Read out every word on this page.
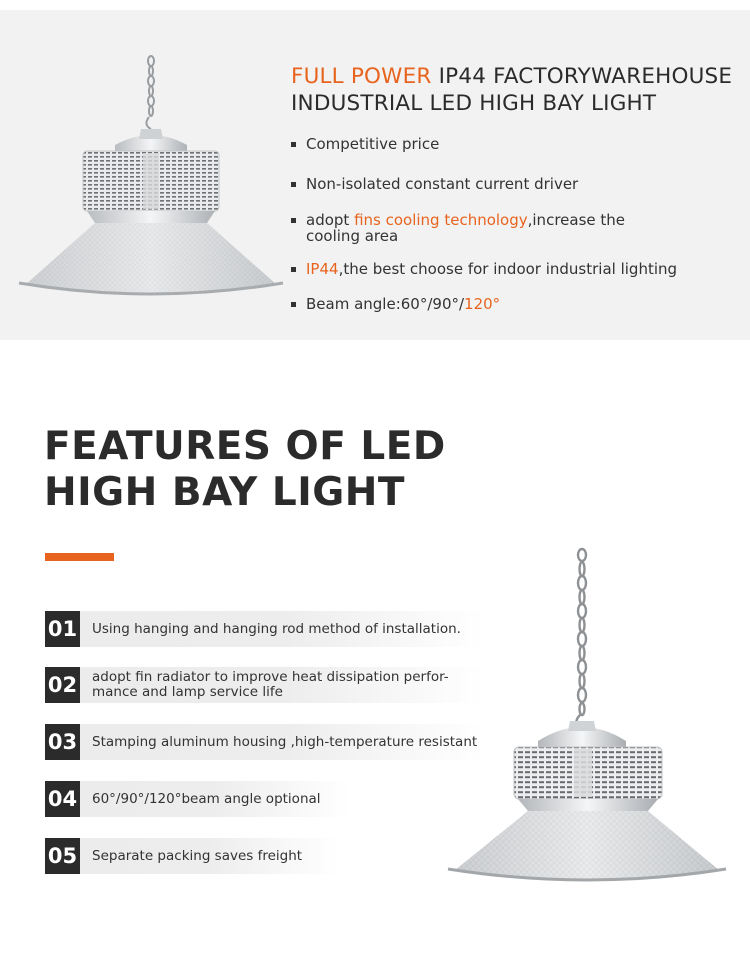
FULL POWER IP44 FACTORYWAREHOUSE
INDUSTRIAL LED HIGH BAY LIGHT
Competitive price
Non-isolated constant current driver
adopt fins cooling technology,increase the
cooling area
IP44,the best choose for indoor industrial lighting
Beam angle:60°/90°/120°
FEATURES OF LED
HIGH BAY LIGHT
01	Using hanging and hanging rod method of installation.
02	adopt fin radiator to improve heat dissipation perfor-
mance and lamp service life
03	Stamping aluminum housing ,high-temperature resistant
04	60°/90°/120°beam angle optional
05	Separate packing saves freight
